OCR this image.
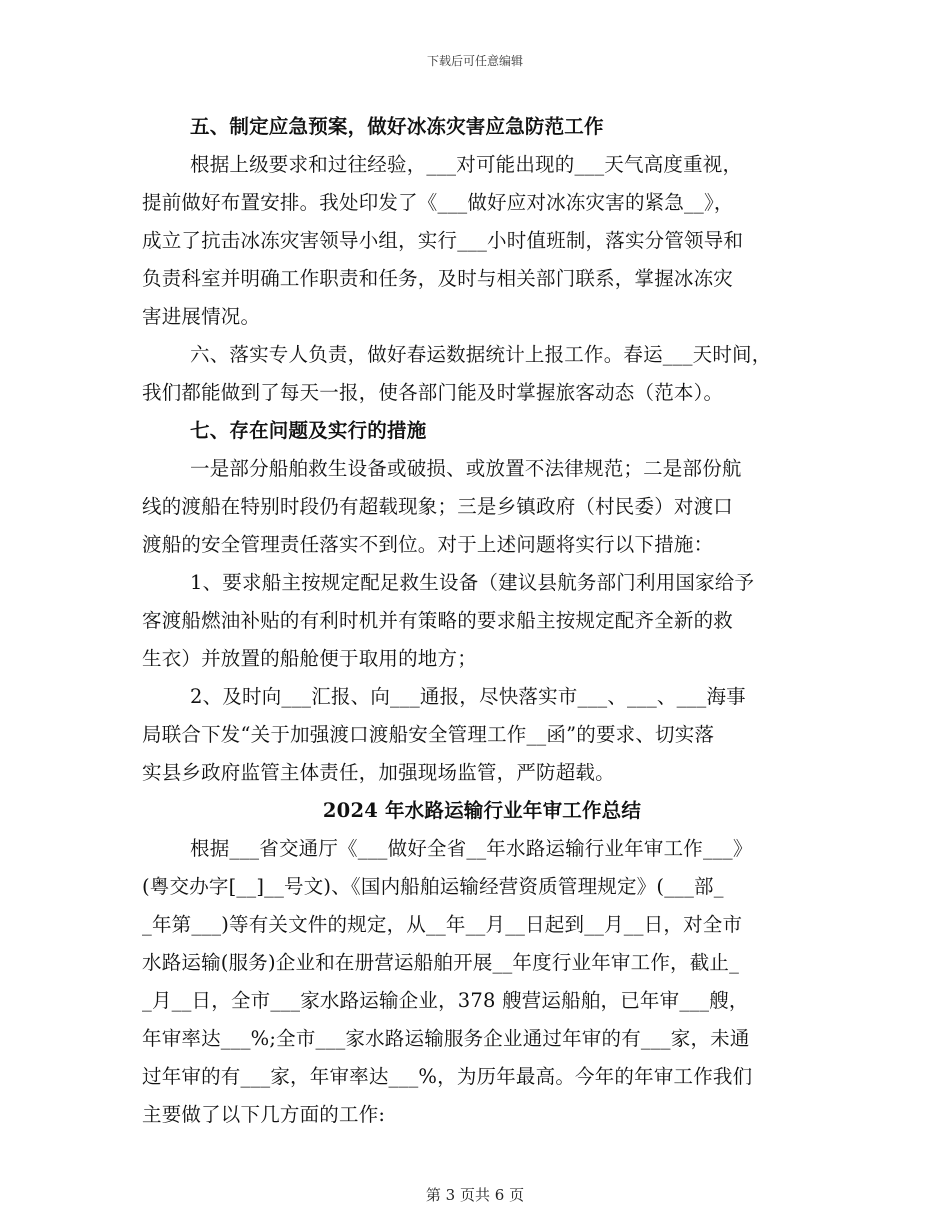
下载后可任意编辑

五、制定应急预案，做好冰冻灾害应急防范工作

根据上级要求和过往经验，___对可能出现的___天气高度重视，

提前做好布置安排。我处印发了《___做好应对冰冻灾害的紧急__》，

成立了抗击冰冻灾害领导小组，实行___小时值班制，落实分管领导和

负责科室并明确工作职责和任务，及时与相关部门联系，掌握冰冻灾

害进展情况。

六、落实专人负责，做好春运数据统计上报工作。春运___天时间，

我们都能做到了每天一报，使各部门能及时掌握旅客动态（范本）。

七、存在问题及实行的措施

一是部分船舶救生设备或破损、或放置不法律规范；二是部份航

线的渡船在特别时段仍有超载现象；三是乡镇政府（村民委）对渡口

渡船的安全管理责任落实不到位。对于上述问题将实行以下措施：

1、要求船主按规定配足救生设备（建议县航务部门利用国家给予

客渡船燃油补贴的有利时机并有策略的要求船主按规定配齐全新的救

生衣）并放置的船舱便于取用的地方；

2、及时向___汇报、向___通报，尽快落实市___、___、___海事

局联合下发“关于加强渡口渡船安全管理工作__函”的要求、切实落

实县乡政府监管主体责任，加强现场监管，严防超载。

2024 年水路运输行业年审工作总结

根据___省交通厅《___做好全省__年水路运输行业年审工作___》

(粤交办字[__]__号文)、《国内船舶运输经营资质管理规定》(___部_

_年第___)等有关文件的规定，从__年__月__日起到__月__日，对全市

水路运输(服务)企业和在册营运船舶开展__年度行业年审工作，截止_

_月__日，全市___家水路运输企业，378 艘营运船舶，已年审___艘，

年审率达___%;全市___家水路运输服务企业通过年审的有___家，未通

过年审的有___家，年审率达___%，为历年最高。今年的年审工作我们

主要做了以下几方面的工作:

第 3 页共 6 页
